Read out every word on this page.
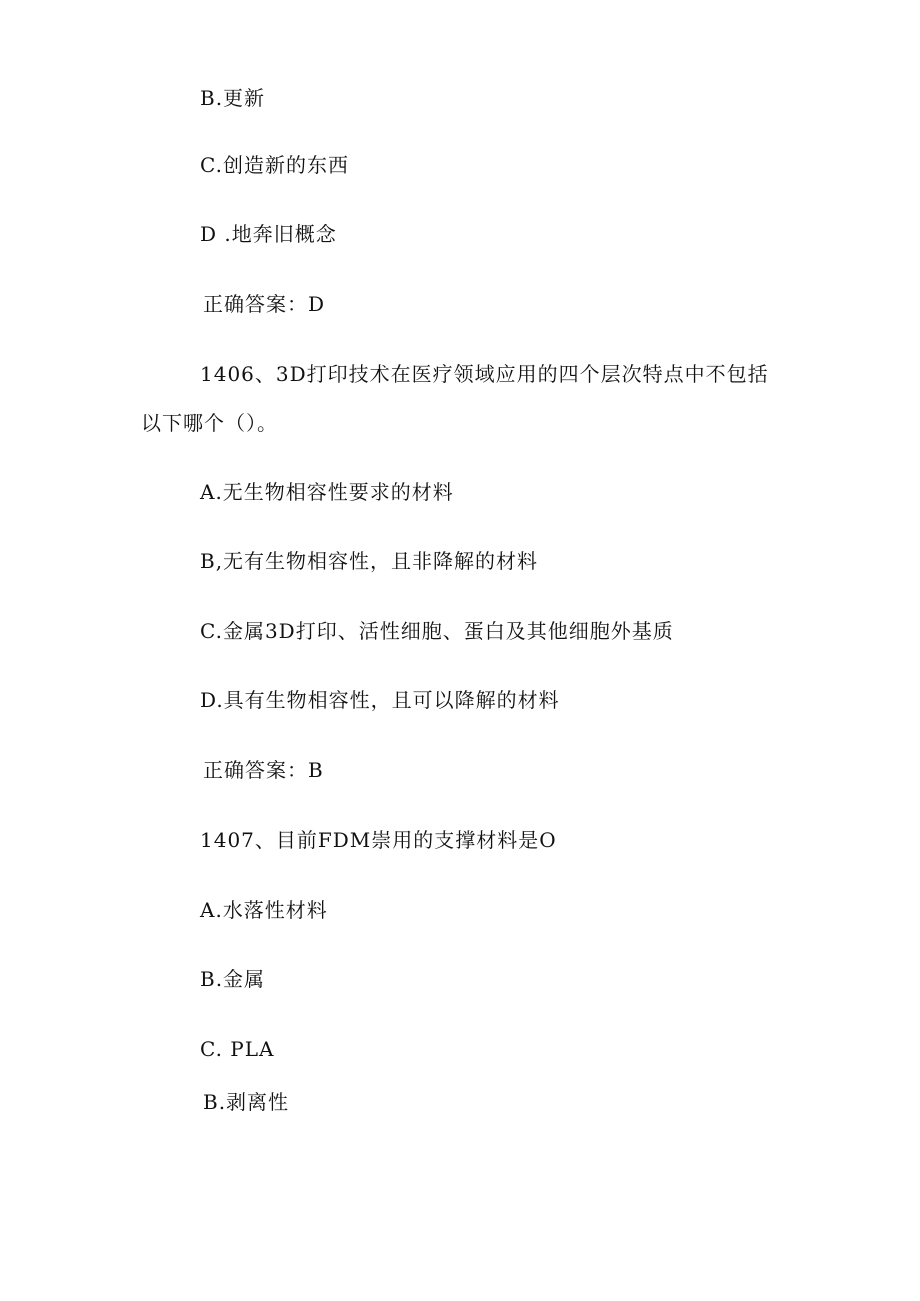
B.更新
C.创造新的东西
D .地奔旧概念
正确答案：D
1406、3D打印技术在医疗领域应用的四个层次特点中不包括
以下哪个（）。
A.无生物相容性要求的材料
B,无有生物相容性，且非降解的材料
C.金属3D打印、活性细胞、蛋白及其他细胞外基质
D.具有生物相容性，且可以降解的材料
正确答案：B
1407、目前FDM崇用的支撑材料是O
A.水落性材料
B.金属
C. PLA
B.剥离性
